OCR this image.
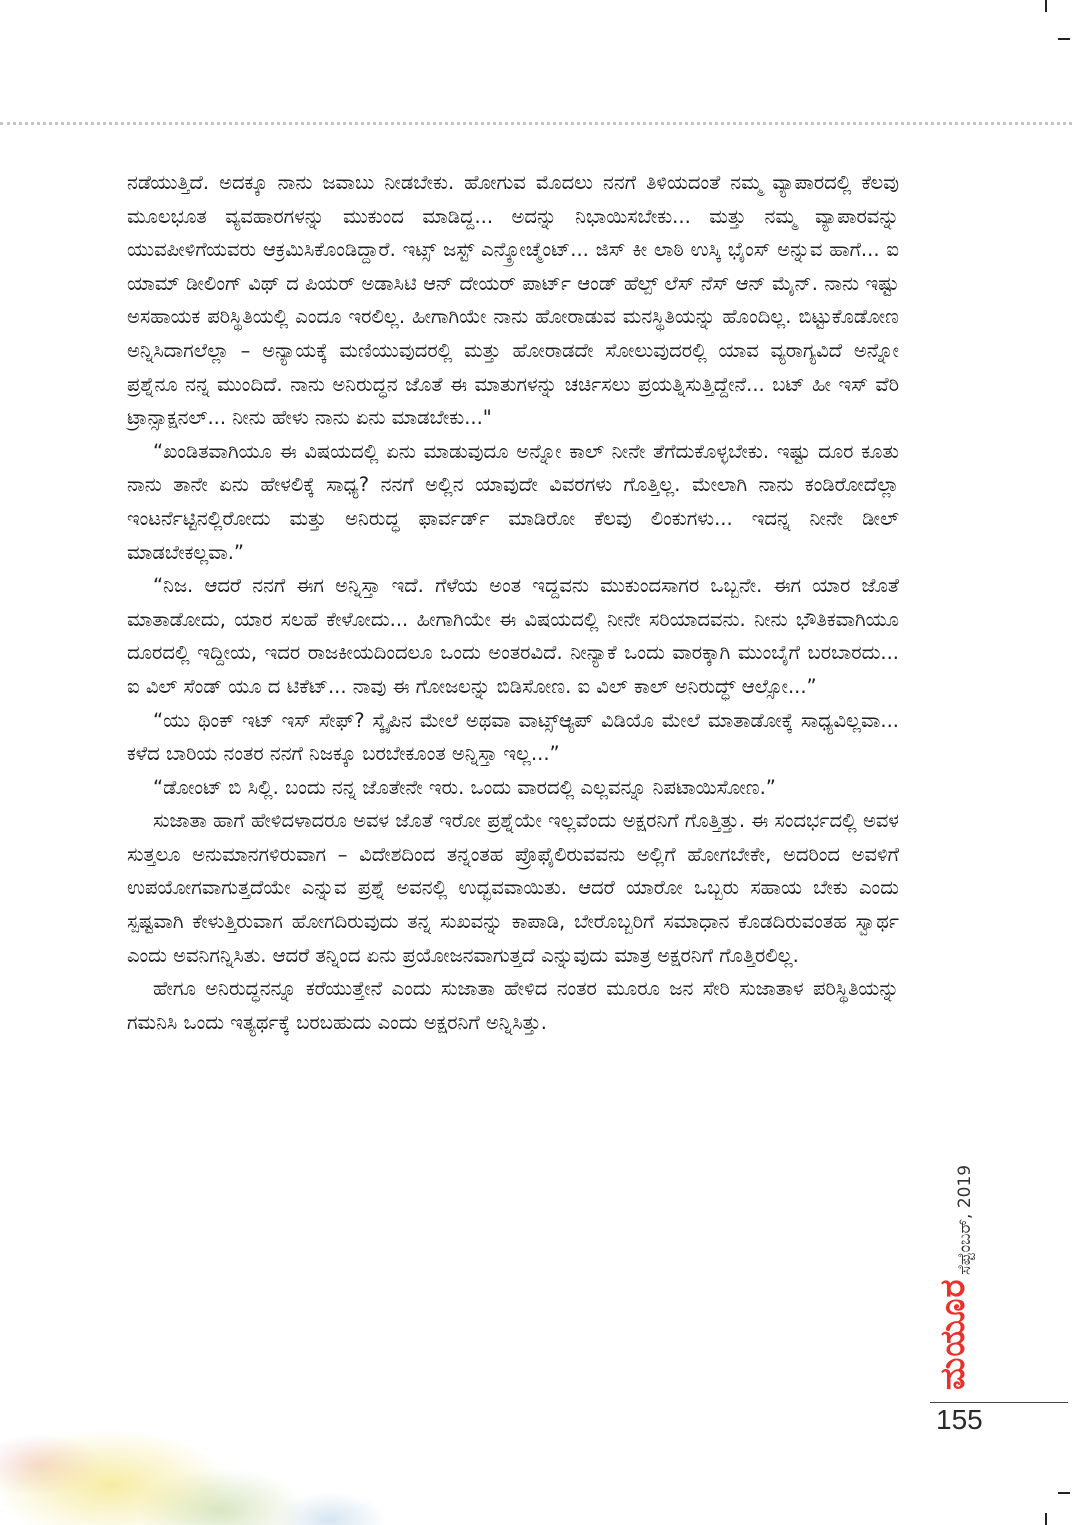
ನಡೆಯುತ್ತಿದೆ. ಅದಕ್ಕೂ ನಾನು ಜವಾಬು ನೀಡಬೇಕು. ಹೋಗುವ ಮೊದಲು ನನಗೆ ತಿಳಿಯದಂತೆ ನಮ್ಮ ವ್ಯಾಪಾರದಲ್ಲಿ ಕೆಲವು ಮೂಲಭೂತ ವ್ಯವಹಾರಗಳನ್ನು ಮುಕುಂದ ಮಾಡಿದ್ದ... ಅದನ್ನು ನಿಭಾಯಿಸಬೇಕು... ಮತ್ತು ನಮ್ಮ ವ್ಯಾಪಾರವನ್ನು ಯುವಪೀಳಿಗೆಯವರು ಆಕ್ರಮಿಸಿಕೊಂಡಿದ್ದಾರೆ. ಇಟ್ಸ್ ಜಸ್ಟ್ ಎನ್ಕ್ರೋಚ್ಮೆಂಟ್... ಜಿಸ್ ಕೀ ಲಾಠಿ ಉಸ್ಕಿ ಭೈಂಸ್ ಅನ್ನುವ ಹಾಗೆ... ಐ ಯಾಮ್ ಡೀಲಿಂಗ್ ವಿಥ್ ದ ಪಿಯರ್ ಅಡಾಸಿಟಿ ಆನ್ ದೇಯರ್ ಪಾರ್ಟ್ ಆಂಡ್ ಹೆಲ್ಪ್ ಲೆಸ್ ನೆಸ್ ಆನ್ ಮೈನ್. ನಾನು ಇಷ್ಟು ಅಸಹಾಯಕ ಪರಿಸ್ಥಿತಿಯಲ್ಲಿ ಎಂದೂ ಇರಲಿಲ್ಲ. ಹೀಗಾಗಿಯೇ ನಾನು ಹೋರಾಡುವ ಮನಸ್ಥಿತಿಯನ್ನು ಹೊಂದಿಲ್ಲ. ಬಿಟ್ಟುಕೊಡೋಣ ಅನ್ನಿಸಿದಾಗಲೆಲ್ಲಾ – ಅನ್ಯಾಯಕ್ಕೆ ಮಣಿಯುವುದರಲ್ಲಿ ಮತ್ತು ಹೋರಾಡದೇ ಸೋಲುವುದರಲ್ಲಿ ಯಾವ ವ್ಯರಾಗ್ಯವಿದೆ ಅನ್ನೋ ಪ್ರಶ್ನೆನೂ ನನ್ನ ಮುಂದಿದೆ. ನಾನು ಅನಿರುದ್ಧನ ಜೊತೆ ಈ ಮಾತುಗಳನ್ನು ಚರ್ಚಿಸಲು ಪ್ರಯತ್ನಿಸುತ್ತಿದ್ದೇನೆ... ಬಟ್ ಹೀ ಇಸ್ ವೆರಿ ಟ್ರಾನ್ಸಾಕ್ಷನಲ್... ನೀನು ಹೇಳು ನಾನು ಏನು ಮಾಡಬೇಕು..."

“ಖಂಡಿತವಾಗಿಯೂ ಈ ವಿಷಯದಲ್ಲಿ ಏನು ಮಾಡುವುದೂ ಅನ್ನೋ ಕಾಲ್ ನೀನೇ ತೆಗೆದುಕೊಳ್ಳಬೇಕು. ಇಷ್ಟು ದೂರ ಕೂತು ನಾನು ತಾನೇ ಏನು ಹೇಳಲಿಕ್ಕೆ ಸಾಧ್ಯ? ನನಗೆ ಅಲ್ಲಿನ ಯಾವುದೇ ವಿವರಗಳು ಗೊತ್ತಿಲ್ಲ. ಮೇಲಾಗಿ ನಾನು ಕಂಡಿರೋದೆಲ್ಲಾ ಇಂಟರ್ನೆಟ್ಟಿನಲ್ಲಿರೋದು ಮತ್ತು ಅನಿರುದ್ಧ ಫಾರ್ವರ್ಡ್ ಮಾಡಿರೋ ಕೆಲವು ಲಿಂಕುಗಳು... ಇದನ್ನ ನೀನೇ ಡೀಲ್ ಮಾಡಬೇಕಲ್ಲವಾ.”

“ನಿಜ. ಆದರೆ ನನಗೆ ಈಗ ಅನ್ನಿಸ್ತಾ ಇದೆ. ಗೆಳೆಯ ಅಂತ ಇದ್ದವನು ಮುಕುಂದಸಾಗರ ಒಬ್ಬನೇ. ಈಗ ಯಾರ ಜೊತೆ ಮಾತಾಡೋದು, ಯಾರ ಸಲಹೆ ಕೇಳೋದು... ಹೀಗಾಗಿಯೇ ಈ ವಿಷಯದಲ್ಲಿ ನೀನೇ ಸರಿಯಾದವನು. ನೀನು ಭೌತಿಕವಾಗಿಯೂ ದೂರದಲ್ಲಿ ಇದ್ದೀಯ, ಇದರ ರಾಜಕೀಯದಿಂದಲೂ ಒಂದು ಅಂತರವಿದೆ. ನೀನ್ಯಾಕೆ ಒಂದು ವಾರಕ್ಕಾಗಿ ಮುಂಬೈಗೆ ಬರಬಾರದು... ಐ ವಿಲ್ ಸೆಂಡ್ ಯೂ ದ ಟಿಕೆಟ್... ನಾವು ಈ ಗೋಜಲನ್ನು ಬಿಡಿಸೋಣ. ಐ ವಿಲ್ ಕಾಲ್ ಅನಿರುದ್ಧ್ ಆಲ್ಸೋ...”

“ಯು ಥಿಂಕ್ ಇಟ್ ಇಸ್ ಸೇಫ್? ಸ್ಕೈಪಿನ ಮೇಲೆ ಅಥವಾ ವಾಟ್ಸ್ಆ್ಯಪ್ ವಿಡಿಯೊ ಮೇಲೆ ಮಾತಾಡೋಕ್ಕೆ ಸಾಧ್ಯವಿಲ್ಲವಾ... ಕಳೆದ ಬಾರಿಯ ನಂತರ ನನಗೆ ನಿಜಕ್ಕೂ ಬರಬೇಕೂಂತ ಅನ್ನಿಸ್ತಾ ಇಲ್ಲ...”

“ಡೋಂಟ್ ಬಿ ಸಿಲ್ಲಿ. ಬಂದು ನನ್ನ ಜೊತೇನೇ ಇರು. ಒಂದು ವಾರದಲ್ಲಿ ಎಲ್ಲವನ್ನೂ ನಿಪಟಾಯಿಸೋಣ.”

ಸುಜಾತಾ ಹಾಗೆ ಹೇಳಿದಳಾದರೂ ಅವಳ ಜೊತೆ ಇರೋ ಪ್ರಶ್ನೆಯೇ ಇಲ್ಲವೆಂದು ಅಕ್ಷರನಿಗೆ ಗೊತ್ತಿತ್ತು. ಈ ಸಂದರ್ಭದಲ್ಲಿ ಅವಳ ಸುತ್ತಲೂ ಅನುಮಾನಗಳಿರುವಾಗ – ವಿದೇಶದಿಂದ ತನ್ನಂತಹ ಪ್ರೊಫೈಲಿರುವವನು ಅಲ್ಲಿಗೆ ಹೋಗಬೇಕೇ, ಅದರಿಂದ ಅವಳಿಗೆ ಉಪಯೋಗವಾಗುತ್ತದೆಯೇ ಎನ್ನುವ ಪ್ರಶ್ನೆ ಅವನಲ್ಲಿ ಉದ್ಭವವಾಯಿತು. ಆದರೆ ಯಾರೋ ಒಬ್ಬರು ಸಹಾಯ ಬೇಕು ಎಂದು ಸ್ಪಷ್ಟವಾಗಿ ಕೇಳುತ್ತಿರುವಾಗ ಹೋಗದಿರುವುದು ತನ್ನ ಸುಖವನ್ನು ಕಾಪಾಡಿ, ಬೇರೊಬ್ಬರಿಗೆ ಸಮಾಧಾನ ಕೊಡದಿರುವಂತಹ ಸ್ವಾರ್ಥ ಎಂದು ಅವನಿಗನ್ನಿಸಿತು. ಆದರೆ ತನ್ನಿಂದ ಏನು ಪ್ರಯೋಜನವಾಗುತ್ತದೆ ಎನ್ನುವುದು ಮಾತ್ರ ಅಕ್ಷರನಿಗೆ ಗೊತ್ತಿರಲಿಲ್ಲ.

ಹೇಗೂ ಅನಿರುದ್ಧನನ್ನೂ ಕರೆಯುತ್ತೇನೆ ಎಂದು ಸುಜಾತಾ ಹೇಳಿದ ನಂತರ ಮೂರೂ ಜನ ಸೇರಿ ಸುಜಾತಾಳ ಪರಿಸ್ಥಿತಿಯನ್ನು ಗಮನಿಸಿ ಒಂದು ಇತ್ಯರ್ಥಕ್ಕೆ ಬರಬಹುದು ಎಂದು ಅಕ್ಷರನಿಗೆ ಅನ್ನಿಸಿತ್ತು.

ಸೆಪ್ಟೆಂಬರ್, 2019
ಮಯೂರ
155
